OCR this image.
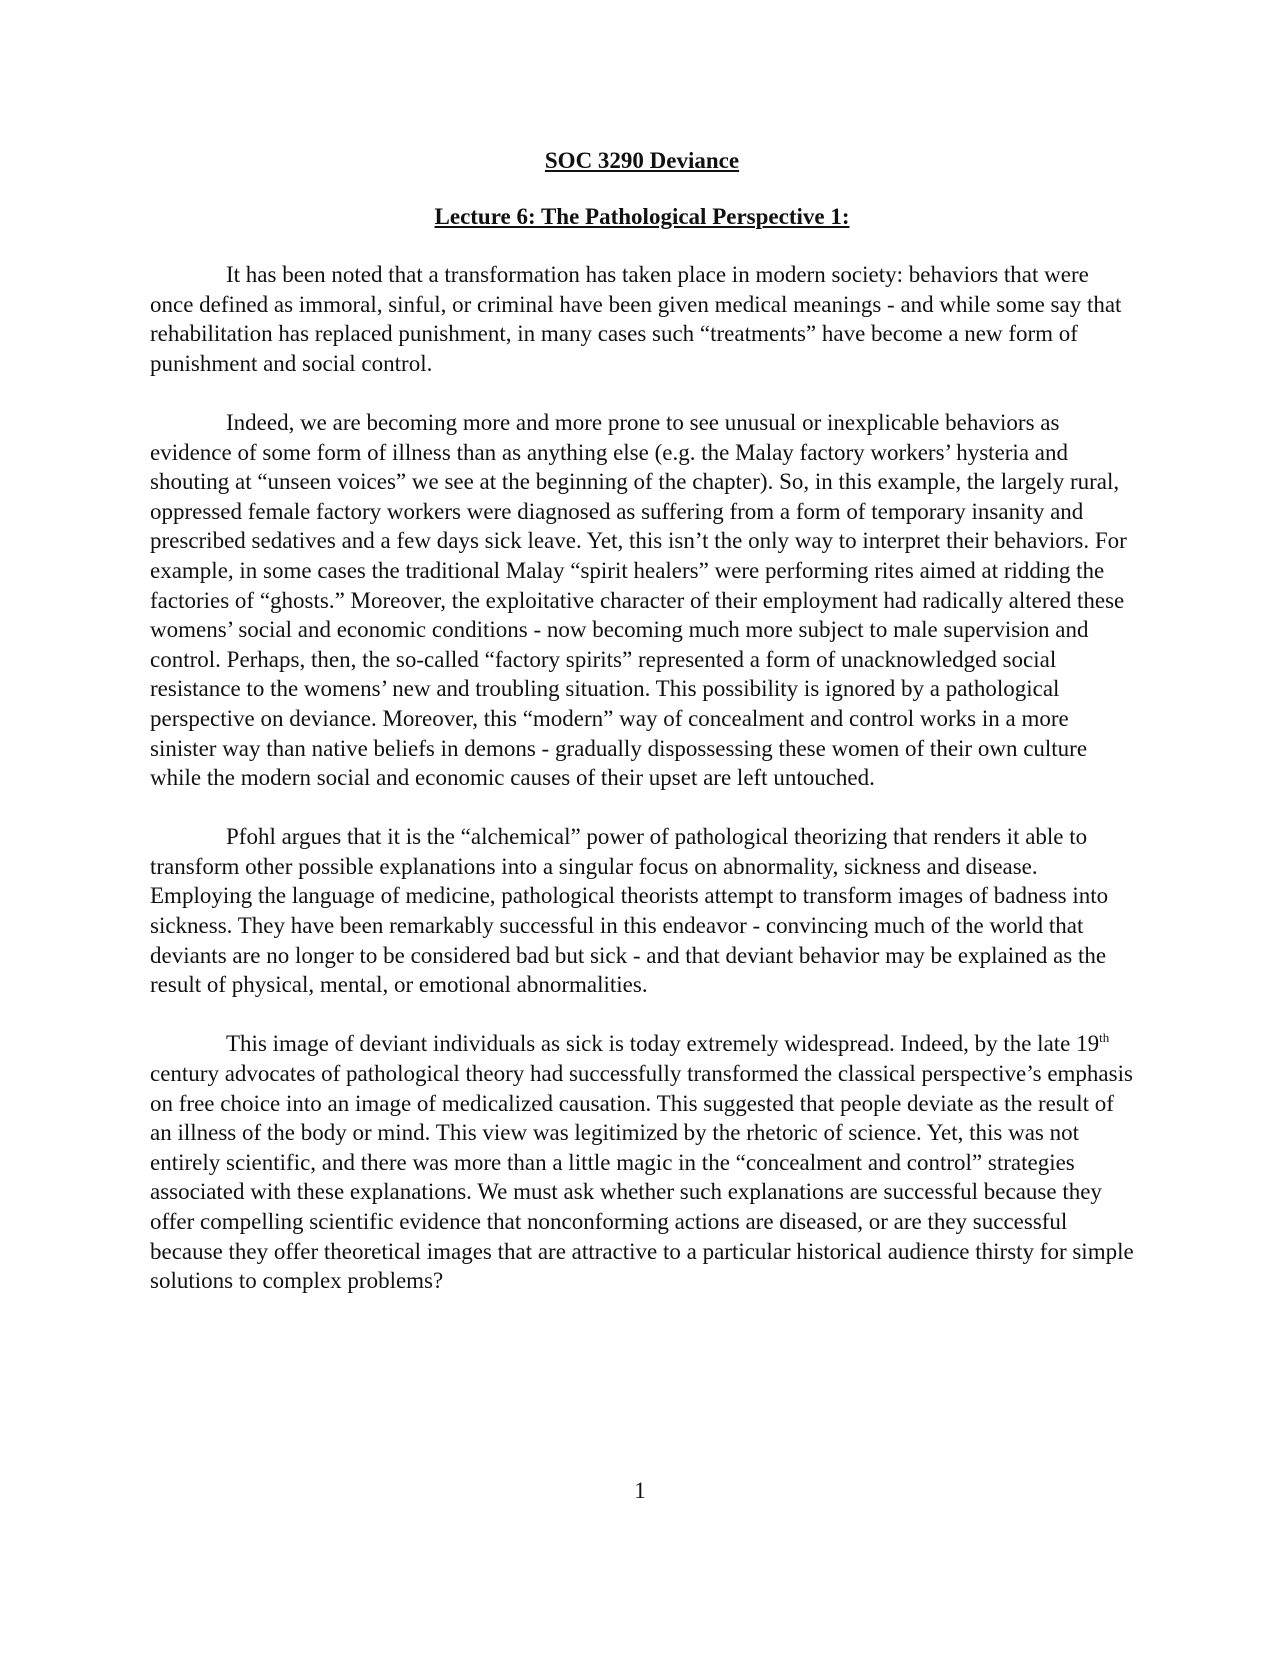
SOC 3290 Deviance
Lecture 6: The Pathological Perspective 1:

It has been noted that a transformation has taken place in modern society: behaviors that were once defined as immoral, sinful, or criminal have been given medical meanings - and while some say that rehabilitation has replaced punishment, in many cases such “treatments” have become a new form of punishment and social control.

Indeed, we are becoming more and more prone to see unusual or inexplicable behaviors as evidence of some form of illness than as anything else (e.g. the Malay factory workers’ hysteria and shouting at “unseen voices” we see at the beginning of the chapter). So, in this example, the largely rural, oppressed female factory workers were diagnosed as suffering from a form of temporary insanity and prescribed sedatives and a few days sick leave. Yet, this isn’t the only way to interpret their behaviors. For example, in some cases the traditional Malay “spirit healers” were performing rites aimed at ridding the factories of “ghosts.” Moreover, the exploitative character of their employment had radically altered these womens’ social and economic conditions - now becoming much more subject to male supervision and control. Perhaps, then, the so-called “factory spirits” represented a form of unacknowledged social resistance to the womens’ new and troubling situation. This possibility is ignored by a pathological perspective on deviance. Moreover, this “modern” way of concealment and control works in a more sinister way than native beliefs in demons - gradually dispossessing these women of their own culture while the modern social and economic causes of their upset are left untouched.

Pfohl argues that it is the “alchemical” power of pathological theorizing that renders it able to transform other possible explanations into a singular focus on abnormality, sickness and disease. Employing the language of medicine, pathological theorists attempt to transform images of badness into sickness. They have been remarkably successful in this endeavor - convincing much of the world that deviants are no longer to be considered bad but sick - and that deviant behavior may be explained as the result of physical, mental, or emotional abnormalities.

This image of deviant individuals as sick is today extremely widespread. Indeed, by the late 19th century advocates of pathological theory had successfully transformed the classical perspective’s emphasis on free choice into an image of medicalized causation. This suggested that people deviate as the result of an illness of the body or mind. This view was legitimized by the rhetoric of science. Yet, this was not entirely scientific, and there was more than a little magic in the “concealment and control” strategies associated with these explanations. We must ask whether such explanations are successful because they offer compelling scientific evidence that nonconforming actions are diseased, or are they successful because they offer theoretical images that are attractive to a particular historical audience thirsty for simple solutions to complex problems?

1
